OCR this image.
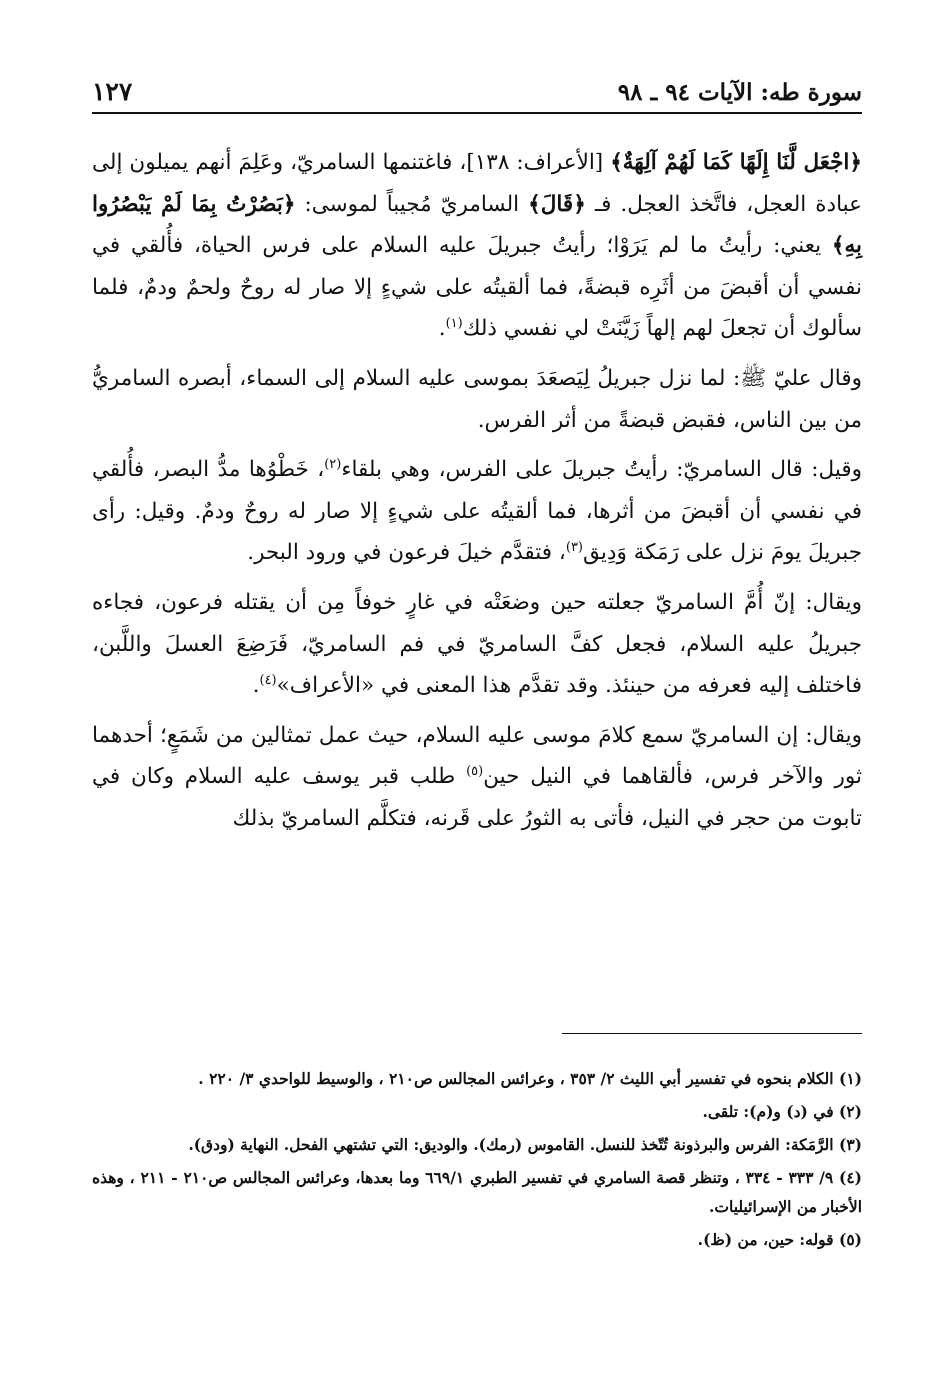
سورة طه: الآيات ٩٤ ـ ٩٨
١٢٧

﴿اجْعَل لَّنَا إِلَهًا كَمَا لَهُمْ آلِهَةٌ﴾ [الأعراف: ١٣٨]، فاغتنمها السامريّ، وعَلِمَ أنهم يميلون إلى عبادة العجل، فاتَّخذ العجل. فـ ﴿قَالَ﴾ السامريّ مُجيباً لموسى: ﴿بَصُرْتُ بِمَا لَمْ يَبْصُرُوا بِهِ﴾ يعني: رأيتُ ما لم يَرَوْا؛ رأيتُ جبريلَ عليه السلام على فرس الحياة، فأُلقي في نفسي أن أقبضَ من أثَرِه قبضةً، فما ألقيتُه على شيءٍ إلا صار له روحٌ ولحمٌ ودمٌ، فلما سألوك أن تجعلَ لهم إلهاً زَيَّنَتْ لي نفسي ذلك$^{(١)}$.

وقال عليّ ﷺ: لما نزل جبريلُ لِيَصعَدَ بموسى عليه السلام إلى السماء، أبصره السامريُّ من بين الناس، فقبض قبضةً من أثر الفرس.

وقيل: قال السامريّ: رأيتُ جبريلَ على الفرس، وهي بلقاء$^{(٢)}$، خَطْوُها مدُّ البصر، فأُلقي في نفسي أن أقبضَ من أثرها، فما ألقيتُه على شيءٍ إلا صار له روحٌ ودمٌ. وقيل: رأى جبريلَ يومَ نزل على رَمَكة وَدِيق$^{(٣)}$، فتقدَّم خيلَ فرعون في ورود البحر.

ويقال: إنّ أُمَّ السامريّ جعلته حين وضعَتْه في غارٍ خوفاً مِن أن يقتله فرعون، فجاءه جبريلُ عليه السلام، فجعل كفَّ السامريّ في فم السامريّ، فَرَضِعَ العسلَ واللَّبن، فاختلف إليه فعرفه من حينئذ. وقد تقدَّم هذا المعنى في «الأعراف»$^{(٤)}$.

ويقال: إن السامريّ سمع كلامَ موسى عليه السلام، حيث عمل تمثالين من شَمَعٍ؛ أحدهما ثور والآخر فرس، فألقاهما في النيل حين$^{(٥)}$ طلب قبر يوسف عليه السلام وكان في تابوت من حجر في النيل، فأتى به الثورُ على قَرنه، فتكلَّم السامريّ بذلك

(١) الكلام بنحوه في تفسير أبي الليث ٢/ ٣٥٣ ، وعرائس المجالس ص٢١٠ ، والوسيط للواحدي ٣/ ٢٢٠ .

(٢) في (د) و(م): تلقى.

(٣) الرَّمَكة: الفرس والبرذونة تُتّخذ للنسل. القاموس (رمك). والوديق: التي تشتهي الفحل. النهاية (ودق).

(٤) ٩/ ٣٣٣ - ٣٣٤ ، وتنظر قصة السامري في تفسير الطبري ٦٦٩/١ وما بعدها، وعرائس المجالس ص٢١٠ - ٢١١ ، وهذه الأخبار من الإسرائيليات.

(٥) قوله: حين، من (ظ).
